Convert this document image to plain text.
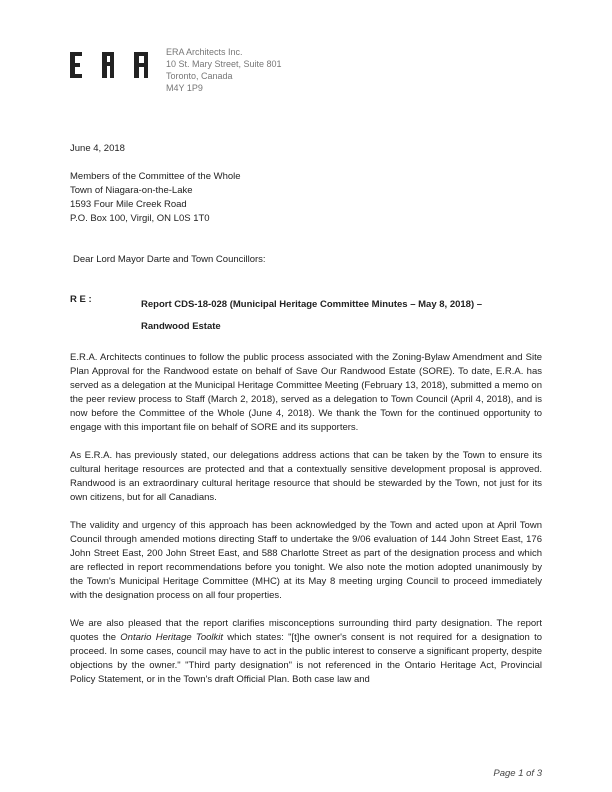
ERA Architects Inc.
10 St. Mary Street, Suite 801
Toronto, Canada
M4Y 1P9
June 4, 2018
Members of the Committee of the Whole
Town of Niagara-on-the-Lake
1593 Four Mile Creek Road
P.O. Box 100, Virgil, ON L0S 1T0
Dear Lord Mayor Darte and Town Councillors:
R E :	Report CDS-18-028 (Municipal Heritage Committee Minutes – May 8, 2018) –
Randwood Estate

E.R.A. Architects continues to follow the public process associated with the Zoning-Bylaw Amendment and Site Plan Approval for the Randwood estate on behalf of Save Our Randwood Estate (SORE). To date, E.R.A. has served as a delegation at the Municipal Heritage Committee Meeting (February 13, 2018), submitted a memo on the peer review process to Staff (March 2, 2018), served as a delegation to Town Council (April 4, 2018), and is now before the Committee of the Whole (June 4, 2018). We thank the Town for the continued opportunity to engage with this important file on behalf of SORE and its supporters.

As E.R.A. has previously stated, our delegations address actions that can be taken by the Town to ensure its cultural heritage resources are protected and that a contextually sensitive development proposal is approved. Randwood is an extraordinary cultural heritage resource that should be stewarded by the Town, not just for its own citizens, but for all Canadians.

The validity and urgency of this approach has been acknowledged by the Town and acted upon at April Town Council through amended motions directing Staff to undertake the 9/06 evaluation of 144 John Street East, 176 John Street East, 200 John Street East, and 588 Charlotte Street as part of the designation process and which are reflected in report recommendations before you tonight. We also note the motion adopted unanimously by the Town's Municipal Heritage Committee (MHC) at its May 8 meeting urging Council to proceed immediately with the designation process on all four properties.

We are also pleased that the report clarifies misconceptions surrounding third party designation. The report quotes the Ontario Heritage Toolkit which states: "[t]he owner's consent is not required for a designation to proceed. In some cases, council may have to act in the public interest to conserve a significant property, despite objections by the owner." "Third party designation" is not referenced in the Ontario Heritage Act, Provincial Policy Statement, or in the Town's draft Official Plan. Both case law and

Page 1 of 3
